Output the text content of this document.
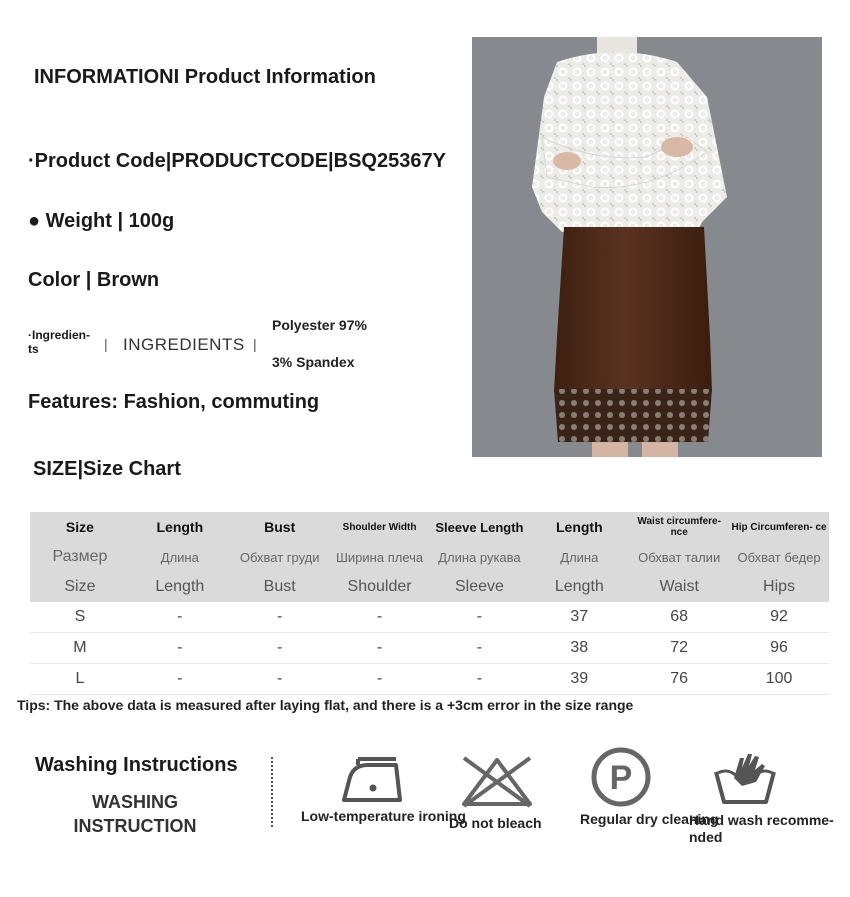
INFORMATIONI Product Information
·Product Code|PRODUCTCODE|BSQ25367Y
● Weight | 100g
Color | Brown
·Ingredien- ts	| INGREDIENTS |
Polyester 97%
3% Spandex
Features: Fashion, commuting
SIZE|Size Chart
Size	Length	Bust	Shoulder Width	Sleeve Length	Length	Waist circumfere- nce	Hip Circumferen- ce
Размер	Длина	Обхват груди	Ширина плеча	Длина рукава	Длина	Обхват талии	Обхват бедер
Size	Length	Bust	Shoulder	Sleeve	Length	Waist	Hips
S	-	-	-	-	37	68	92
M	-	-	-	-	38	72	96
L	-	-	-	-	39	76	100
Tips: The above data is measured after laying flat, and there is a +3cm error in the size range
Washing Instructions
WASHING INSTRUCTION	Low-temperature ironing
Do not bleach
P
Regular dry cleaning
Hand wash recomme- nded
